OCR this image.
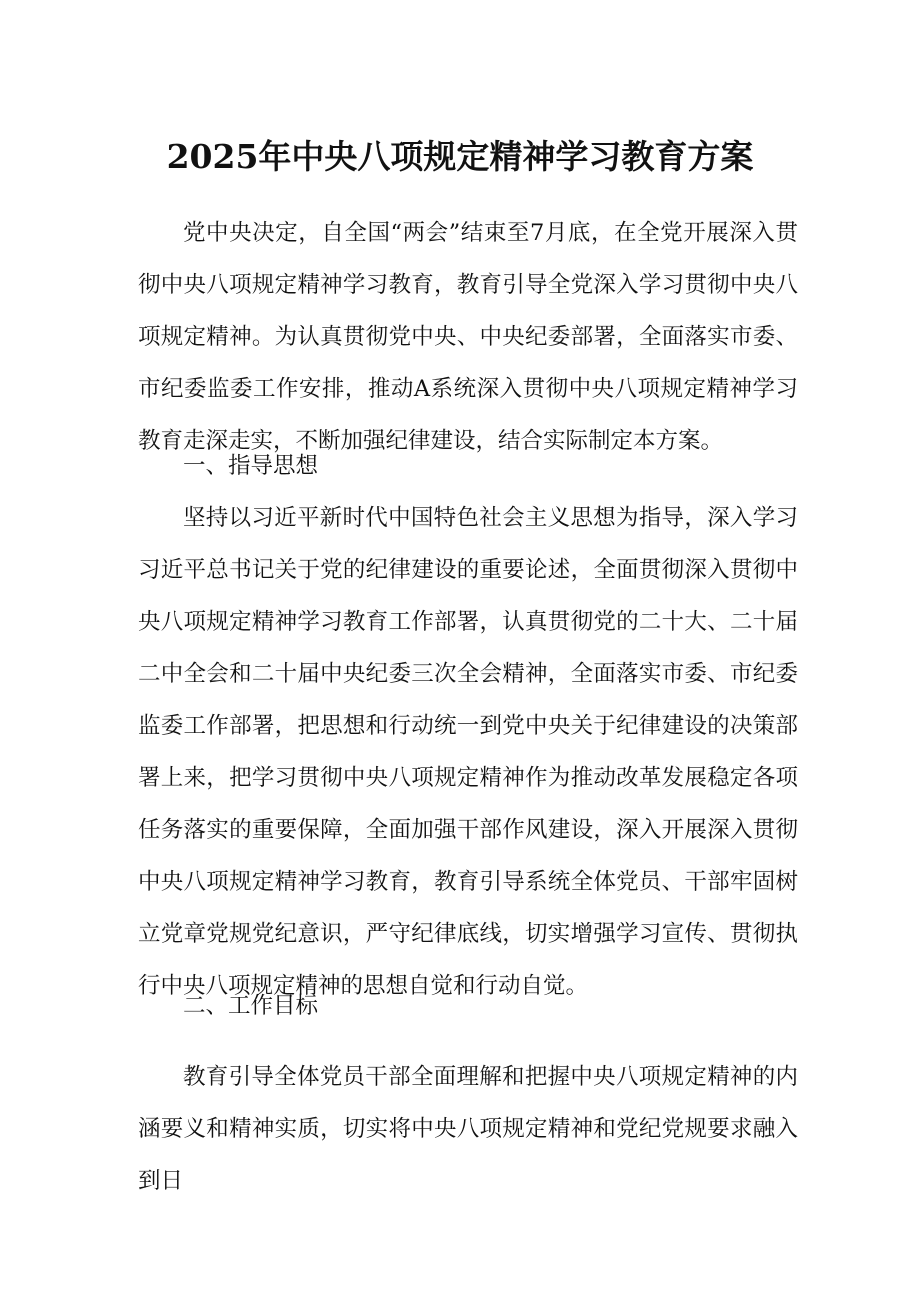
2025年中央八项规定精神学习教育方案

党中央决定，自全国“两会”结束至7月底，在全党开展深入贯彻中央八项规定精神学习教育，教育引导全党深入学习贯彻中央八项规定精神。为认真贯彻党中央、中央纪委部署，全面落实市委、市纪委监委工作安排，推动A系统深入贯彻中央八项规定精神学习教育走深走实，不断加强纪律建设，结合实际制定本方案。

一、指导思想

坚持以习近平新时代中国特色社会主义思想为指导，深入学习习近平总书记关于党的纪律建设的重要论述，全面贯彻深入贯彻中央八项规定精神学习教育工作部署，认真贯彻党的二十大、二十届二中全会和二十届中央纪委三次全会精神，全面落实市委、市纪委监委工作部署，把思想和行动统一到党中央关于纪律建设的决策部署上来，把学习贯彻中央八项规定精神作为推动改革发展稳定各项任务落实的重要保障，全面加强干部作风建设，深入开展深入贯彻中央八项规定精神学习教育，教育引导系统全体党员、干部牢固树立党章党规党纪意识，严守纪律底线，切实增强学习宣传、贯彻执行中央八项规定精神的思想自觉和行动自觉。

二、工作目标

教育引导全体党员干部全面理解和把握中央八项规定精神的内涵要义和精神实质，切实将中央八项规定精神和党纪党规要求融入到日
